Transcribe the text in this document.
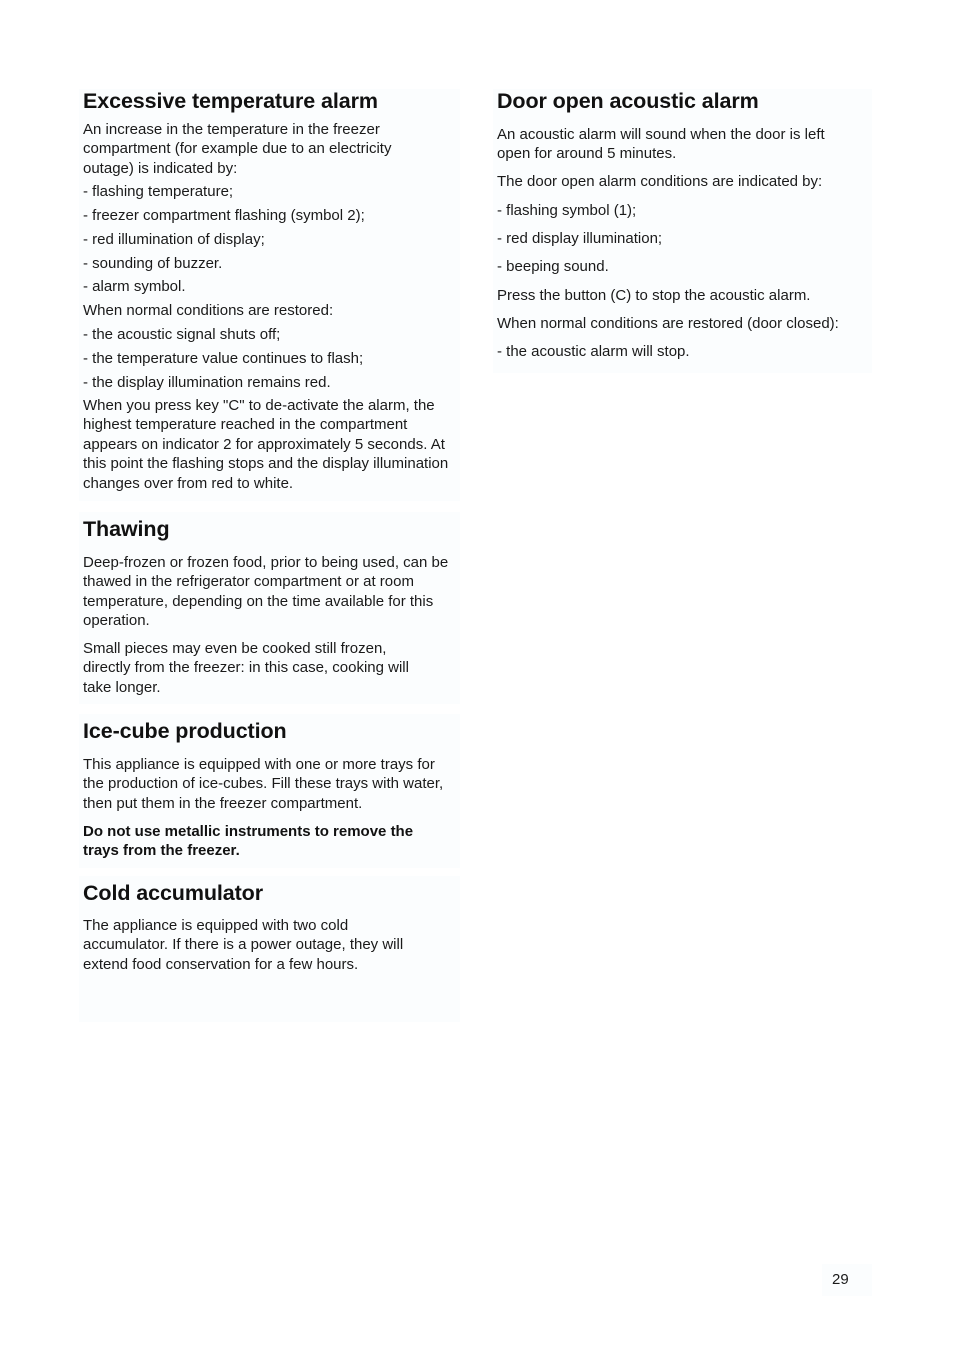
Excessive temperature alarm

An increase in the temperature in the freezer compartment (for example due to an electricity outage) is indicated by:

- flashing temperature;

- freezer compartment flashing (symbol 2);

- red illumination of display;

- sounding of buzzer.

- alarm symbol.

When normal conditions are restored:

- the acoustic signal shuts off;

- the temperature value continues to flash;

- the display illumination remains red.

When you press key "C" to de-activate the alarm, the highest temperature reached in the compartment appears on indicator 2 for approximately 5 seconds. At this point the flashing stops and the display illumination changes over from red to white.

Thawing

Deep-frozen or frozen food, prior to being used, can be thawed in the refrigerator compartment or at room temperature, depending on the time available for this operation.

Small pieces may even be cooked still frozen, directly from the freezer: in this case, cooking will take longer.

Ice-cube production

This appliance is equipped with one or more trays for the production of ice-cubes. Fill these trays with water, then put them in the freezer compartment.

Do not use metallic instruments to remove the trays from the freezer.

Cold accumulator

The appliance is equipped with two cold accumulator. If there is a power outage, they will extend food conservation for a few hours.

Door open acoustic alarm

An acoustic alarm will sound when the door is left open for around 5 minutes.

The door open alarm conditions are indicated by:

- flashing symbol (1);

- red display illumination;

- beeping sound.

Press the button (C) to stop the acoustic alarm.

When normal conditions are restored (door closed):

- the acoustic alarm will stop.

29
